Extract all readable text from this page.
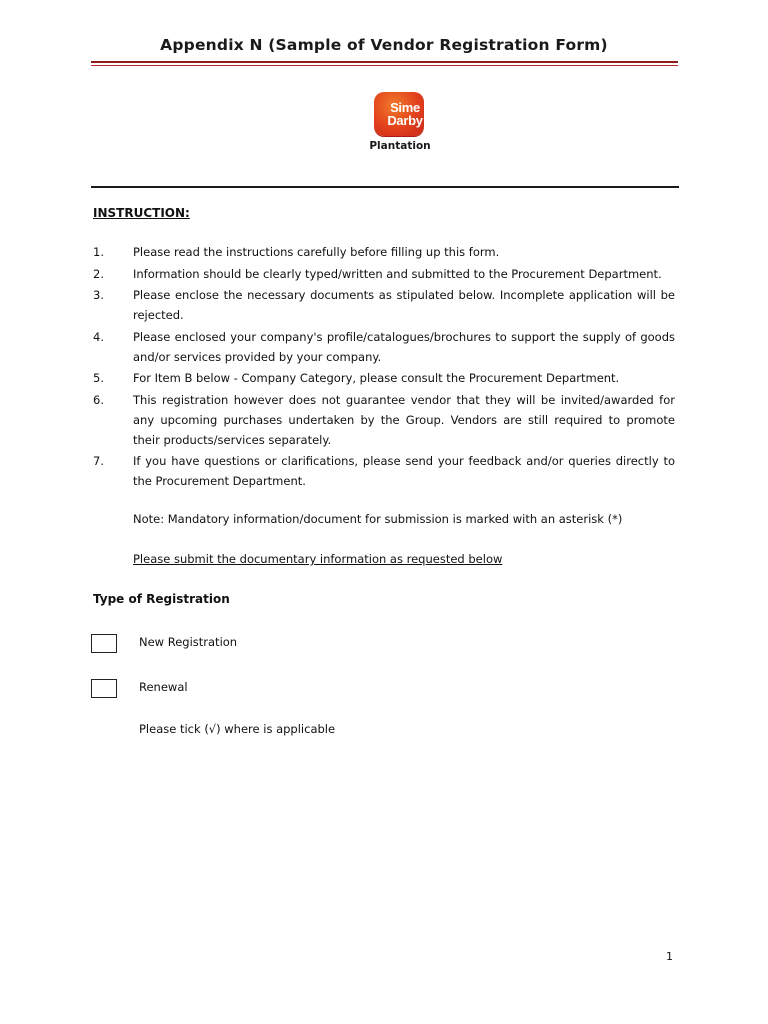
Appendix N (Sample of Vendor Registration Form)
Sime
Darby
Plantation
INSTRUCTION:
1.	Please read the instructions carefully before filling up this form.
2.	Information should be clearly typed/written and submitted to the Procurement Department.
3.	Please enclose the necessary documents as stipulated below. Incomplete application will be rejected.
4.	Please enclosed your company's profile/catalogues/brochures to support the supply of goods and/or services provided by your company.
5.	For Item B below - Company Category, please consult the Procurement Department.
6.	This registration however does not guarantee vendor that they will be invited/awarded for any upcoming purchases undertaken by the Group. Vendors are still required to promote their products/services separately.
7.	If you have questions or clarifications, please send your feedback and/or queries directly to the Procurement Department.
Note: Mandatory information/document for submission is marked with an asterisk (*)
Please submit the documentary information as requested below
Type of Registration
New Registration
Renewal
Please tick (√) where is applicable
1
